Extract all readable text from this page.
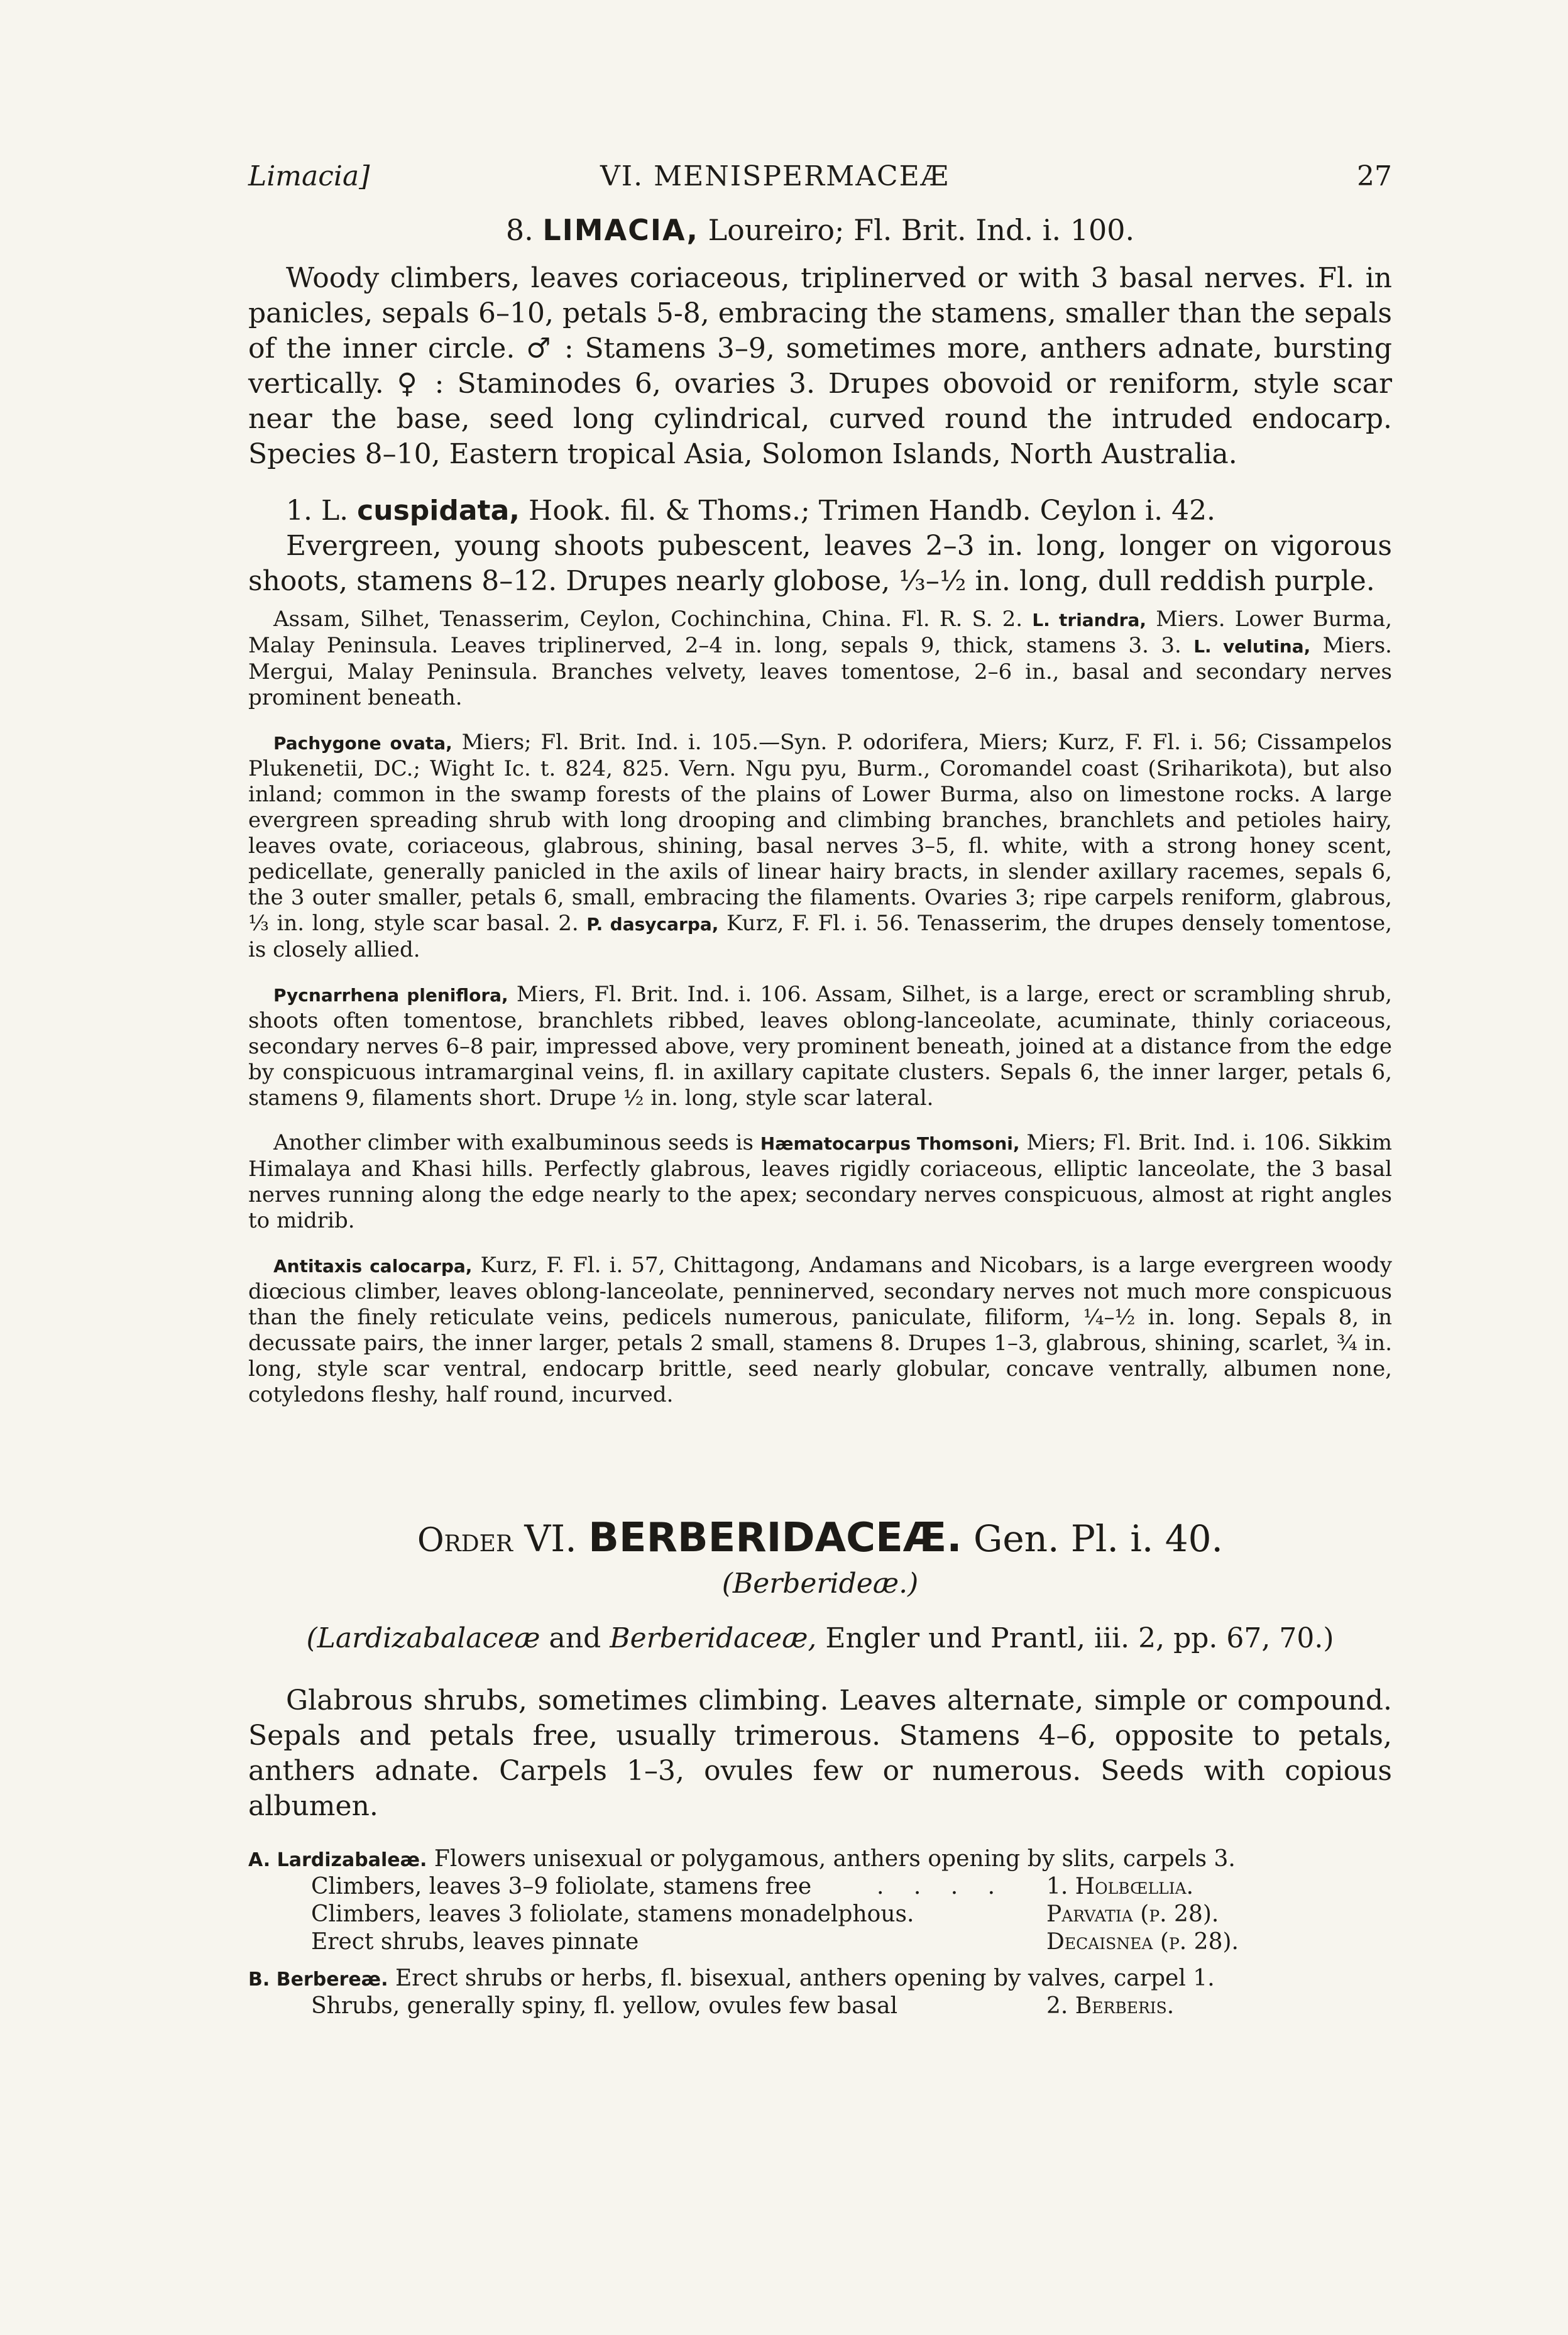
Limacia]	VI. MENISPERMACEÆ	27
8. LIMACIA, Loureiro; Fl. Brit. Ind. i. 100.

Woody climbers, leaves coriaceous, triplinerved or with 3 basal nerves. Fl. in panicles, sepals 6–10, petals 5-8, embracing the stamens, smaller than the sepals of the inner circle. ♂ : Stamens 3–9, sometimes more, anthers adnate, bursting vertically. ♀ : Staminodes 6, ovaries 3. Drupes obovoid or reniform, style scar near the base, seed long cylindrical, curved round the intruded endocarp. Species 8–10, Eastern tropical Asia, Solomon Islands, North Australia.

1. L. cuspidata, Hook. fil. & Thoms.; Trimen Handb. Ceylon i. 42.

Evergreen, young shoots pubescent, leaves 2–3 in. long, longer on vigorous shoots, stamens 8–12. Drupes nearly globose, ⅓–½ in. long, dull reddish purple.

Assam, Silhet, Tenasserim, Ceylon, Cochinchina, China. Fl. R. S. 2. L. triandra, Miers. Lower Burma, Malay Peninsula. Leaves triplinerved, 2–4 in. long, sepals 9, thick, stamens 3. 3. L. velutina, Miers. Mergui, Malay Peninsula. Branches velvety, leaves tomentose, 2–6 in., basal and secondary nerves prominent beneath.

Pachygone ovata, Miers; Fl. Brit. Ind. i. 105.—Syn. P. odorifera, Miers; Kurz, F. Fl. i. 56; Cissampelos Plukenetii, DC.; Wight Ic. t. 824, 825. Vern. Ngu pyu, Burm., Coromandel coast (Sriharikota), but also inland; common in the swamp forests of the plains of Lower Burma, also on limestone rocks. A large evergreen spreading shrub with long drooping and climbing branches, branchlets and petioles hairy, leaves ovate, coriaceous, glabrous, shining, basal nerves 3–5, fl. white, with a strong honey scent, pedicellate, generally panicled in the axils of linear hairy bracts, in slender axillary racemes, sepals 6, the 3 outer smaller, petals 6, small, embracing the filaments. Ovaries 3; ripe carpels reniform, glabrous, ⅓ in. long, style scar basal. 2. P. dasycarpa, Kurz, F. Fl. i. 56. Tenasserim, the drupes densely tomentose, is closely allied.

Pycnarrhena pleniflora, Miers, Fl. Brit. Ind. i. 106. Assam, Silhet, is a large, erect or scrambling shrub, shoots often tomentose, branchlets ribbed, leaves oblong-lanceolate, acuminate, thinly coriaceous, secondary nerves 6–8 pair, impressed above, very prominent beneath, joined at a distance from the edge by conspicuous intramarginal veins, fl. in axillary capitate clusters. Sepals 6, the inner larger, petals 6, stamens 9, filaments short. Drupe ½ in. long, style scar lateral.

Another climber with exalbuminous seeds is Hæmatocarpus Thomsoni, Miers; Fl. Brit. Ind. i. 106. Sikkim Himalaya and Khasi hills. Perfectly glabrous, leaves rigidly coriaceous, elliptic lanceolate, the 3 basal nerves running along the edge nearly to the apex; secondary nerves conspicuous, almost at right angles to midrib.

Antitaxis calocarpa, Kurz, F. Fl. i. 57, Chittagong, Andamans and Nicobars, is a large evergreen woody diœcious climber, leaves oblong-lanceolate, penninerved, secondary nerves not much more conspicuous than the finely reticulate veins, pedicels numerous, paniculate, filiform, ¼–½ in. long. Sepals 8, in decussate pairs, the inner larger, petals 2 small, stamens 8. Drupes 1–3, glabrous, shining, scarlet, ¾ in. long, style scar ventral, endocarp brittle, seed nearly globular, concave ventrally, albumen none, cotyledons fleshy, half round, incurved.

Order VI. BERBERIDACEÆ. Gen. Pl. i. 40.
(Berberideæ.)
(Lardizabalaceæ and Berberidaceæ, Engler und Prantl, iii. 2, pp. 67, 70.)

Glabrous shrubs, sometimes climbing. Leaves alternate, simple or compound. Sepals and petals free, usually trimerous. Stamens 4–6, opposite to petals, anthers adnate. Carpels 1–3, ovules few or numerous. Seeds with copious albumen.

A. Lardizabaleæ. Flowers unisexual or polygamous, anthers opening by slits, carpels 3.
Climbers, leaves 3–9 foliolate, stamens free	. . . . 1. Holbœllia.
Climbers, leaves 3 foliolate, stamens monadelphous.	Parvatia (p. 28).
Erect shrubs, leaves pinnate	Decaisnea (p. 28).
B. Berbereæ. Erect shrubs or herbs, fl. bisexual, anthers opening by valves, carpel 1.
Shrubs, generally spiny, fl. yellow, ovules few basal	2. Berberis.
